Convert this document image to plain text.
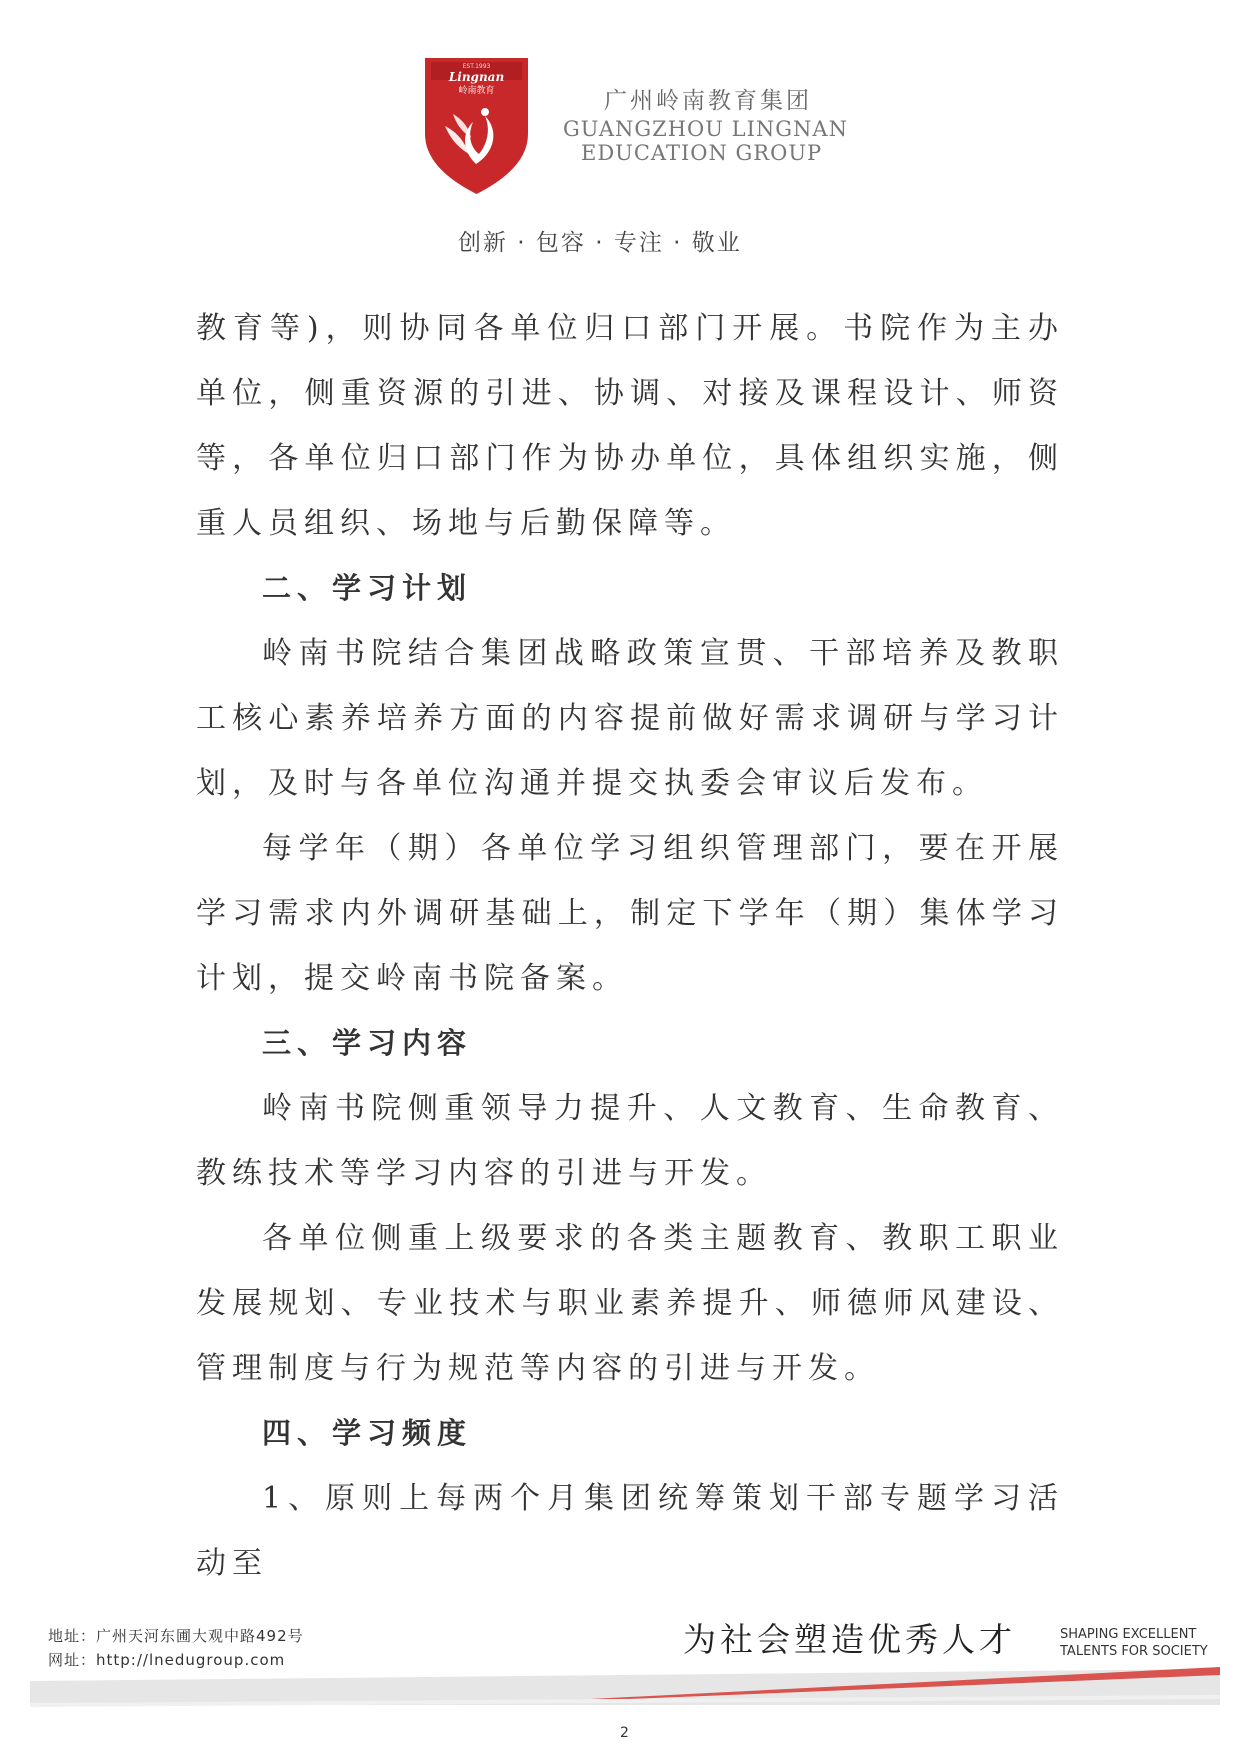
EST.1993
Lingnan
岭南教育	广州岭南教育集团
GUANGZHOU LINGNAN
EDUCATION GROUP
创新 · 包容 · 专注 · 敬业

教育等)，则协同各单位归口部门开展。书院作为主办单位，侧重资源的引进、协调、对接及课程设计、师资等，各单位归口部门作为协办单位，具体组织实施，侧重人员组织、场地与后勤保障等。

二、学习计划

岭南书院结合集团战略政策宣贯、干部培养及教职工核心素养培养方面的内容提前做好需求调研与学习计划，及时与各单位沟通并提交执委会审议后发布。

每学年（期）各单位学习组织管理部门，要在开展学习需求内外调研基础上，制定下学年（期）集体学习计划，提交岭南书院备案。

三、学习内容

岭南书院侧重领导力提升、人文教育、生命教育、教练技术等学习内容的引进与开发。

各单位侧重上级要求的各类主题教育、教职工职业发展规划、专业技术与职业素养提升、师德师风建设、管理制度与行为规范等内容的引进与开发。

四、学习频度

1、原则上每两个月集团统筹策划干部专题学习活动至

地址：广州天河东圃大观中路492号
网址：http://lnedugroup.com
为社会塑造优秀人才	SHAPING EXCELLENT
TALENTS FOR SOCIETY
2
